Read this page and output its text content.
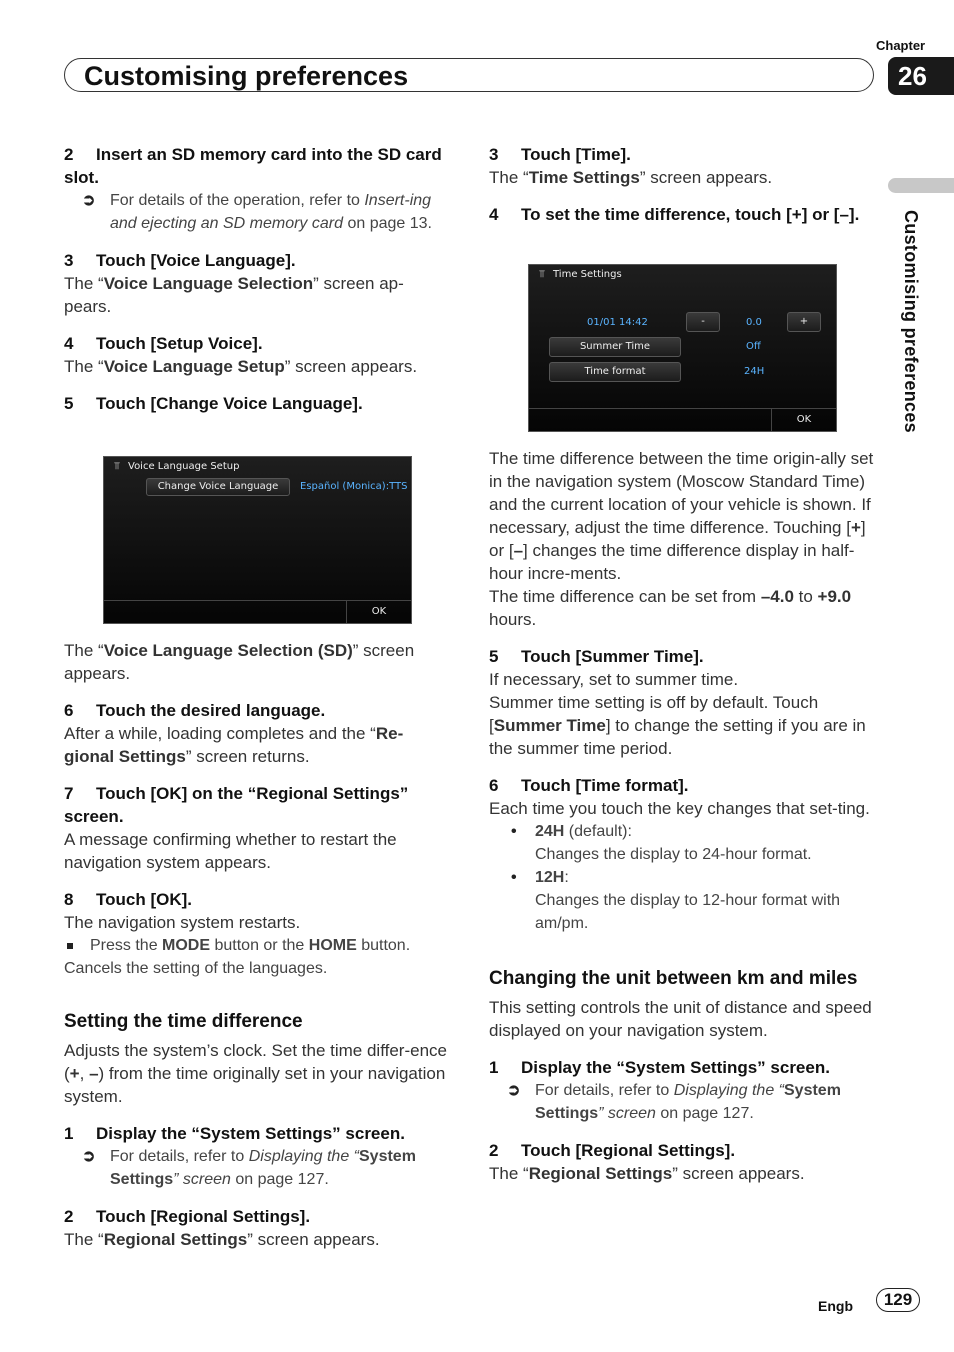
Chapter
26
Customising preferences
Customising preferences

2 Insert an SD memory card into the SD card slot.

➲ For details of the operation, refer to Insert-ing and ejecting an SD memory card on page 13.

3 Touch [Voice Language].

The “Voice Language Selection” screen ap-pears.

4 Touch [Setup Voice].

The “Voice Language Setup” screen appears.

5 Touch [Change Voice Language].

⫪ Voice Language Setup
Change Voice Language	Español (Monica):TTS
OK

The “Voice Language Selection (SD)” screen appears.

6 Touch the desired language.

After a while, loading completes and the “Re-gional Settings” screen returns.

7 Touch [OK] on the “Regional Settings” screen.

A message confirming whether to restart the navigation system appears.

8 Touch [OK].

The navigation system restarts.

Press the MODE button or the HOME button.

Cancels the setting of the languages.

Setting the time difference

Adjusts the system’s clock. Set the time differ-ence (+, –) from the time originally set in your navigation system.

1 Display the “System Settings” screen.

➲ For details, refer to Displaying the “System Settings” screen on page 127.

2 Touch [Regional Settings].

The “Regional Settings” screen appears.

3 Touch [Time].

The “Time Settings” screen appears.

4 To set the time difference, touch [+] or [–].

⫪ Time Settings
01/01 14:42	-	0.0	+
Summer Time	Off
Time format	24H
OK

The time difference between the time origin-ally set in the navigation system (Moscow Standard Time) and the current location of your vehicle is shown. If necessary, adjust the time difference. Touching [+] or [–] changes the time difference display in half-hour incre-ments.

The time difference can be set from –4.0 to +9.0 hours.

5 Touch [Summer Time].

If necessary, set to summer time.

Summer time setting is off by default. Touch [Summer Time] to change the setting if you are in the summer time period.

6 Touch [Time format].

Each time you touch the key changes that set-ting.

• 24H (default):
Changes the display to 24-hour format.
• 12H:
Changes the display to 12-hour format with am/pm.

Changing the unit between km and miles

This setting controls the unit of distance and speed displayed on your navigation system.

1 Display the “System Settings” screen.

➲ For details, refer to Displaying the “System Settings” screen on page 127.

2 Touch [Regional Settings].

The “Regional Settings” screen appears.

Engb	129
